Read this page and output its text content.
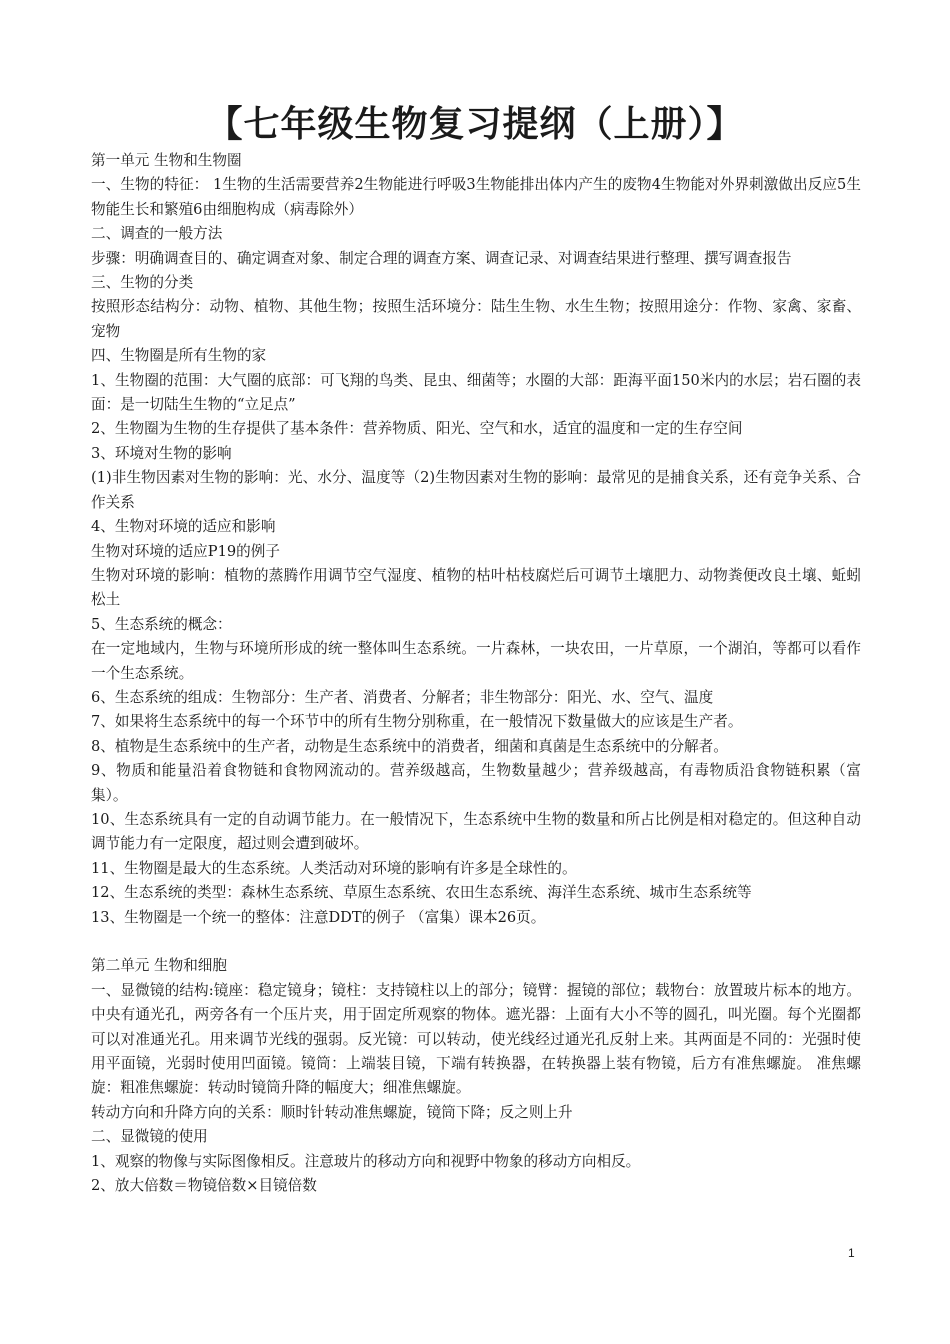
【七年级生物复习提纲（上册）】

第一单元 生物和生物圈

一、生物的特征： 1生物的生活需要营养2生物能进行呼吸3生物能排出体内产生的废物4生物能对外界刺激做出反应5生物能生长和繁殖6由细胞构成（病毒除外）

二、调查的一般方法

步骤：明确调查目的、确定调查对象、制定合理的调查方案、调查记录、对调查结果进行整理、撰写调查报告

三、生物的分类

按照形态结构分：动物、植物、其他生物；按照生活环境分：陆生生物、水生生物；按照用途分：作物、家禽、家畜、宠物

四、生物圈是所有生物的家

1、生物圈的范围：大气圈的底部：可飞翔的鸟类、昆虫、细菌等；水圈的大部：距海平面150米内的水层；岩石圈的表面：是一切陆生生物的“立足点”

2、生物圈为生物的生存提供了基本条件：营养物质、阳光、空气和水，适宜的温度和一定的生存空间

3、环境对生物的影响

(1)非生物因素对生物的影响：光、水分、温度等（2)生物因素对生物的影响：最常见的是捕食关系，还有竞争关系、合作关系

4、生物对环境的适应和影响

生物对环境的适应P19的例子

生物对环境的影响：植物的蒸腾作用调节空气湿度、植物的枯叶枯枝腐烂后可调节土壤肥力、动物粪便改良土壤、蚯蚓松土

5、生态系统的概念：

在一定地域内，生物与环境所形成的统一整体叫生态系统。一片森林，一块农田，一片草原，一个湖泊，等都可以看作一个生态系统。

6、生态系统的组成：生物部分：生产者、消费者、分解者；非生物部分：阳光、水、空气、温度

7、如果将生态系统中的每一个环节中的所有生物分别称重，在一般情况下数量做大的应该是生产者。

8、植物是生态系统中的生产者，动物是生态系统中的消费者，细菌和真菌是生态系统中的分解者。

9、物质和能量沿着食物链和食物网流动的。营养级越高，生物数量越少；营养级越高，有毒物质沿食物链积累（富集）。

10、生态系统具有一定的自动调节能力。在一般情况下，生态系统中生物的数量和所占比例是相对稳定的。但这种自动调节能力有一定限度，超过则会遭到破坏。

11、生物圈是最大的生态系统。人类活动对环境的影响有许多是全球性的。

12、生态系统的类型：森林生态系统、草原生态系统、农田生态系统、海洋生态系统、城市生态系统等

13、生物圈是一个统一的整体：注意DDT的例子 （富集）课本26页。

第二单元 生物和细胞

一、显微镜的结构:镜座：稳定镜身；镜柱：支持镜柱以上的部分；镜臂：握镜的部位；载物台：放置玻片标本的地方。中央有通光孔，两旁各有一个压片夹，用于固定所观察的物体。遮光器：上面有大小不等的圆孔，叫光圈。每个光圈都可以对准通光孔。用来调节光线的强弱。反光镜：可以转动，使光线经过通光孔反射上来。其两面是不同的：光强时使用平面镜，光弱时使用凹面镜。镜筒：上端装目镜，下端有转换器，在转换器上装有物镜，后方有准焦螺旋。 准焦螺旋：粗准焦螺旋：转动时镜筒升降的幅度大；细准焦螺旋。

转动方向和升降方向的关系：顺时针转动准焦螺旋，镜筒下降；反之则上升

二、显微镜的使用

1、观察的物像与实际图像相反。注意玻片的移动方向和视野中物象的移动方向相反。

2、放大倍数＝物镜倍数×目镜倍数

1
